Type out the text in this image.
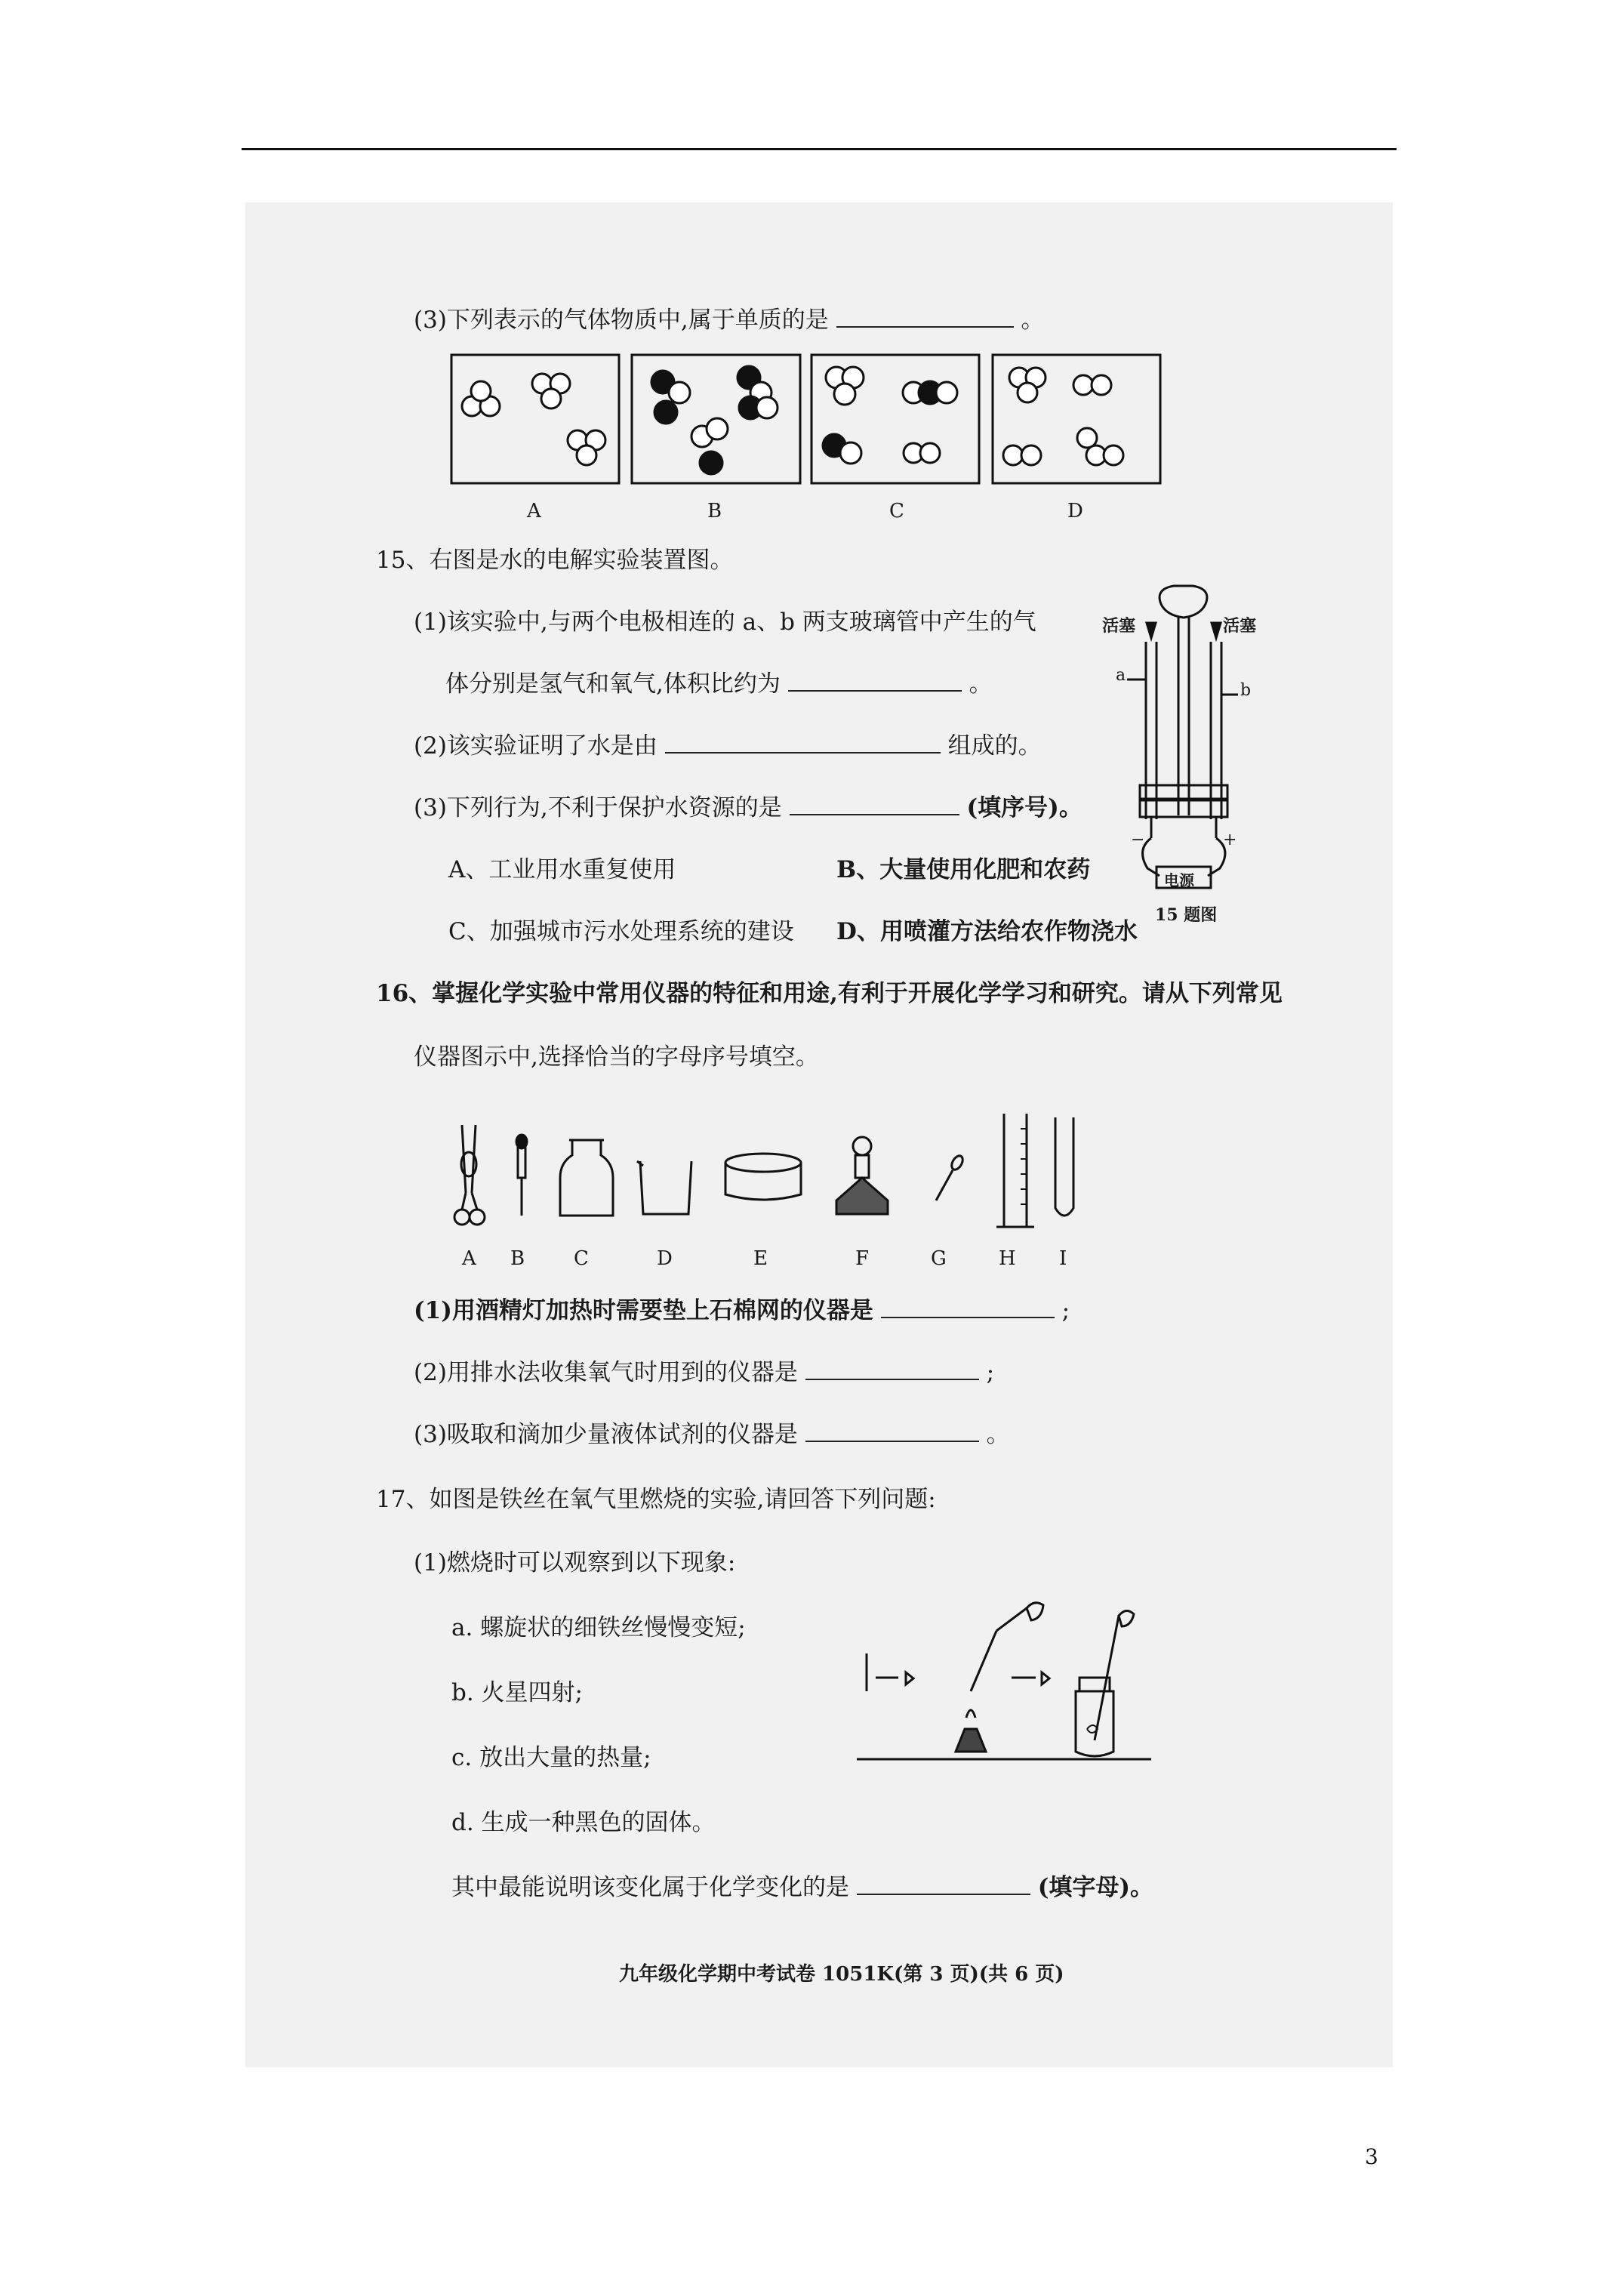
(3)下列表示的气体物质中,属于单质的是	。
A	B	C	D
15、右图是水的电解实验装置图。
(1)该实验中,与两个电极相连的 a、b 两支玻璃管中产生的气
体分别是氢气和氧气,体积比约为	。
(2)该实验证明了水是由	组成的。
(3)下列行为,不利于保护水资源的是	(填序号)。
A、工业用水重复使用	B、大量使用化肥和农药
C、加强城市污水处理系统的建设 D、用喷灌方法给农作物浇水
活塞	活塞
a
b
−	+
电源
15 题图
16、掌握化学实验中常用仪器的特征和用途,有利于开展化学学习和研究。请从下列常见
仪器图示中,选择恰当的字母序号填空。
A B C	D	E	F	G	H I
(1)用酒精灯加热时需要垫上石棉网的仪器是	;
(2)用排水法收集氧气时用到的仪器是	;
(3)吸取和滴加少量液体试剂的仪器是	。
17、如图是铁丝在氧气里燃烧的实验,请回答下列问题:
(1)燃烧时可以观察到以下现象:
a. 螺旋状的细铁丝慢慢变短;
b. 火星四射;
c. 放出大量的热量;
d. 生成一种黑色的固体。
其中最能说明该变化属于化学变化的是	(填字母)。
九年级化学期中考试卷 1051K(第 3 页)(共 6 页)
3
